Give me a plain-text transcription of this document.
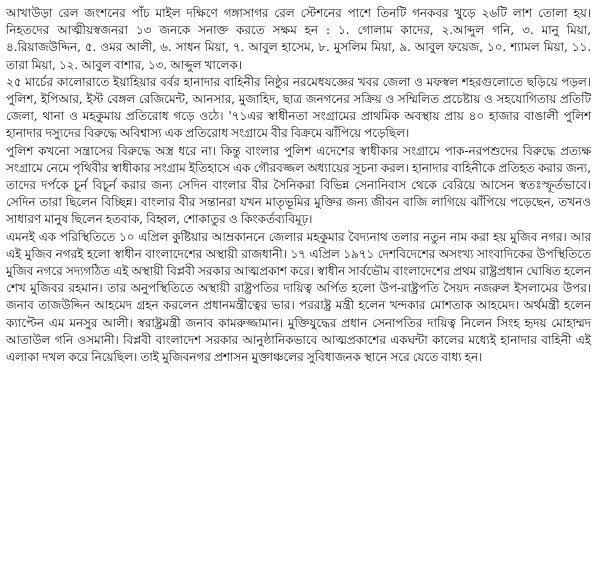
আখাউড়া রেল জংশনের পাঁচ মাইল দক্ষিণে গঙ্গাসাগর রেল স্টেশনের পাশে তিনটি গনকবর খুড়ে ২৬টি লাশ তোলা হয়। নিহতদের আত্মীয়স্বজনরা ১৩ জনকে সনাক্ত করতে সক্ষম হন : ১. গোলাম কাদের, ২.আব্দুল গনি, ৩. মানু মিয়া, ৪.রিয়াজউদ্দিন, ৫. ওমর আলী, ৬. সাধন মিয়া, ৭. আবুল হাসেম, ৮. মুসলিম মিয়া, ৯. আবুল ফয়েজ, ১০. শ্যামল মিয়া, ১১. তারা মিয়া, ১২. আবুল বাশার, ১৩. আব্দুল খালেক।

২৫ মার্চের কালোরাতে ইয়াহিয়ার বর্বর হানাদার বাহিনীর নিষ্ঠুর নরমেধযজ্ঞের খবর জেলা ও মফস্বল শহরগুলোতে ছড়িয়ে পড়ল। পুলিশ, ইপিআর, ইস্ট বেঙ্গল রেজিমেন্ট, আনসার, মুজাহিদ, ছাত্র জনগনের সক্রিয় ও সম্মিলিত প্রচেষ্টায় ও সহযোগিতায় প্রতিটি জেলা, থানা ও মহকুমায় প্রতিরোধ গড়ে ওঠে। '৭১এর স্বাধীনতা সংগ্রামের প্রাথমিক অবস্থায় প্রায় ৪০ হাজার বাঙালী পুলিশ হানাদার দস্যুদের বিরুদ্ধে অবিশ্বাস্য এক প্রতিরোধ সংগ্রামে বীর বিক্রমে ঝাঁপিয়ে পড়েছিল।

পুলিশ কখনো সন্ত্রাসের বিরুদ্ধে অস্ত্র ধরে না। কিন্তু বাংলার পুলিশ এদেশের স্বাধীকার সংগ্রামে পাক-নরপশুদের বিরুদ্ধে প্রত্যক্ষ সংগ্রামে নেমে পৃথিবীর স্বাধীকার সংগ্রাম ইতিহাসে এক গৌরবজ্জল অধ্যায়ের সূচনা করল। হানাদার বাহিনীকে প্রতিহত করার জন্য, তাদের দর্পকে চূর্ন বিচূর্ন করার জন্য সেদিন বাংলার বীর সৈনিকরা বিভিন্ন সেনানিবাস থেকে বেরিয়ে আসেন স্বতঃস্ফূর্তভাবে। সেদিন তারা ছিলেন বিচ্ছিন্ন। বাংলার বীর সন্তানরা যখন মাতৃভূমির মুক্তির জন্য জীবন বাজি লাগিয়ে ঝাঁপিয়ে পড়েছেন, তখনও সাধারণ মানুষ ছিলেন হতবাক, বিহ্বল, শোকাতুর ও কিংকর্তব্যবিমূঢ়।

এমনই এক পরিস্থিতিতে ১০ এপ্রিল কুষ্টিয়ার আম্রকাননে জেলার মহকুমার বৈদ্যনাথ তলার নতুন নাম করা হয় মুজিব নগর। আর এই মুজিব নগরই হলো স্বাধীন বাংলাদেশের অস্থায়ী রাজধানী। ১৭ এপ্রিল ১৯৭১ দেশবিদেশের অসংখ্য সাংবাদিকের উপস্থিতিতে মুজিব নগরে সদ্যগঠিত এই অস্থায়ী বিপ্লবী সরকার আত্মপ্রকাশ করে। স্বাধীন সার্বভৌম বাংলাদেশের প্রথম রাষ্ট্রপ্রধান ঘোষিত হলেন শেখ মুজিবর রহমান। তার অনুপস্থিতিতে অস্থায়ী রাষ্ট্রপতির দায়িত্ব অর্পিত হলো উপ-রাষ্ট্রপতি সৈয়দ নজরুল ইসলামের উপর। জনাব তাজউদ্দিন আহমেদ গ্রহন করলেন প্রধানমন্ত্রীত্বের ভার। পররাষ্ট্র মন্ত্রী হলেন খন্দকার মোশতাক আহমেদ। অর্থমন্ত্রী হলেন ক্যাপ্টেন এম মনসুর আলী। স্বরাষ্ট্রমন্ত্রী জনাব কামরুজ্জামান। মুক্তিযুদ্ধের প্রধান সেনাপতির দায়িত্ব নিলেন সিংহ হৃদয় মোহাম্মদ আতাউল গনি ওসমানী। বিপ্লবী বাংলাদেশ সরকার আনুষ্ঠানিকভাবে আত্মপ্রকাশের একঘন্টা কালের মধ্যেই হানাদার বাহিনী এই এলাকা দখল করে নিয়েছিল। তাই মুজিবনগর প্রশাসন মুক্তাঞ্চলের সুবিধাজনক স্থানে সরে যেতে বাধ্য হন।
